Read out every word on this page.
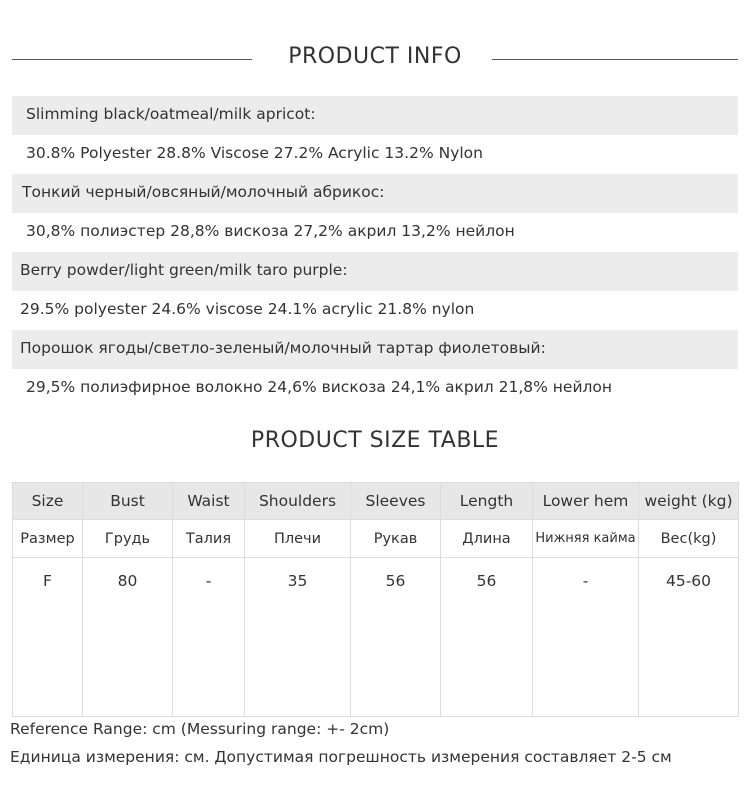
PRODUCT INFO
Slimming black/oatmeal/milk apricot:
30.8% Polyester 28.8% Viscose 27.2% Acrylic 13.2% Nylon
Тонкий черный/овсяный/молочный абрикос:
30,8% полиэстер 28,8% вискоза 27,2% акрил 13,2% нейлон
Berry powder/light green/milk taro purple:
29.5% polyester 24.6% viscose 24.1% acrylic 21.8% nylon
Порошок ягоды/светло-зеленый/молочный тартар фиолетовый:
29,5% полиэфирное волокно 24,6% вискоза 24,1% акрил 21,8% нейлон
PRODUCT SIZE TABLE
Size	Bust	Waist	Shoulders	Sleeves	Length	Lower hem	weight (kg)
Размер	Грудь	Талия	Плечи	Рукав	Длина	Нижняя кайма	Вес(kg)
F	80	-	35	56	56	-	45-60
Reference Range: cm (Messuring range: +- 2cm)
Единица измерения: см. Допустимая погрешность измерения составляет 2-5 см
